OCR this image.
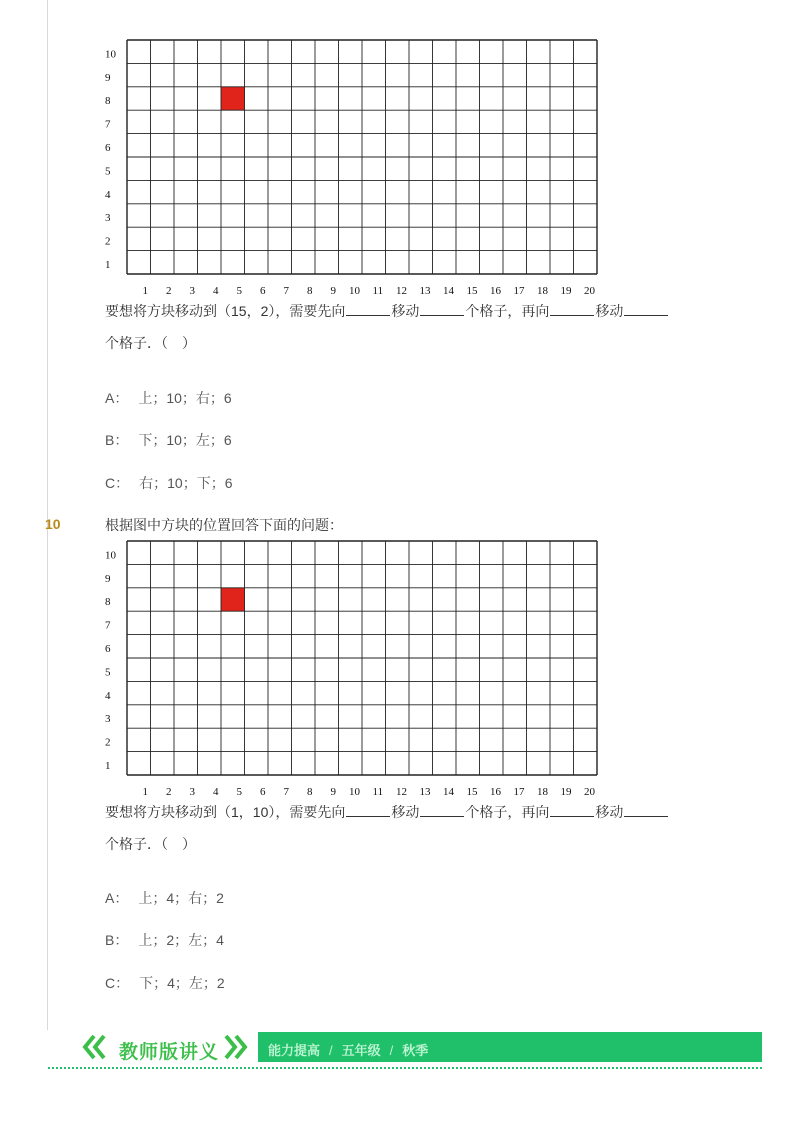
1
2
3
4
5
6
7
8
9
10
1 2 3 4 5 6 7 8 9 10 11 12 13 14 15 16 17 18 19 20
要想将方块移动到（15，2），需要先向	移动	个格子，再向	移动
个格子．（　）
A： 上；10；右；6
B： 下；10；左；6
C： 右；10；下；6
10	根据图中方块的位置回答下面的问题：
1
2
3
4
5
6
7
8
9
10
1 2 3 4 5 6 7 8 9 10 11 12 13 14 15 16 17 18 19 20
要想将方块移动到（1，10），需要先向	移动	个格子，再向	移动
个格子．（　）
A： 上；4；右；2
B： 上；2；左；4
C： 下；4；左；2
教师版讲义	能力提高 / 五年级 / 秋季
